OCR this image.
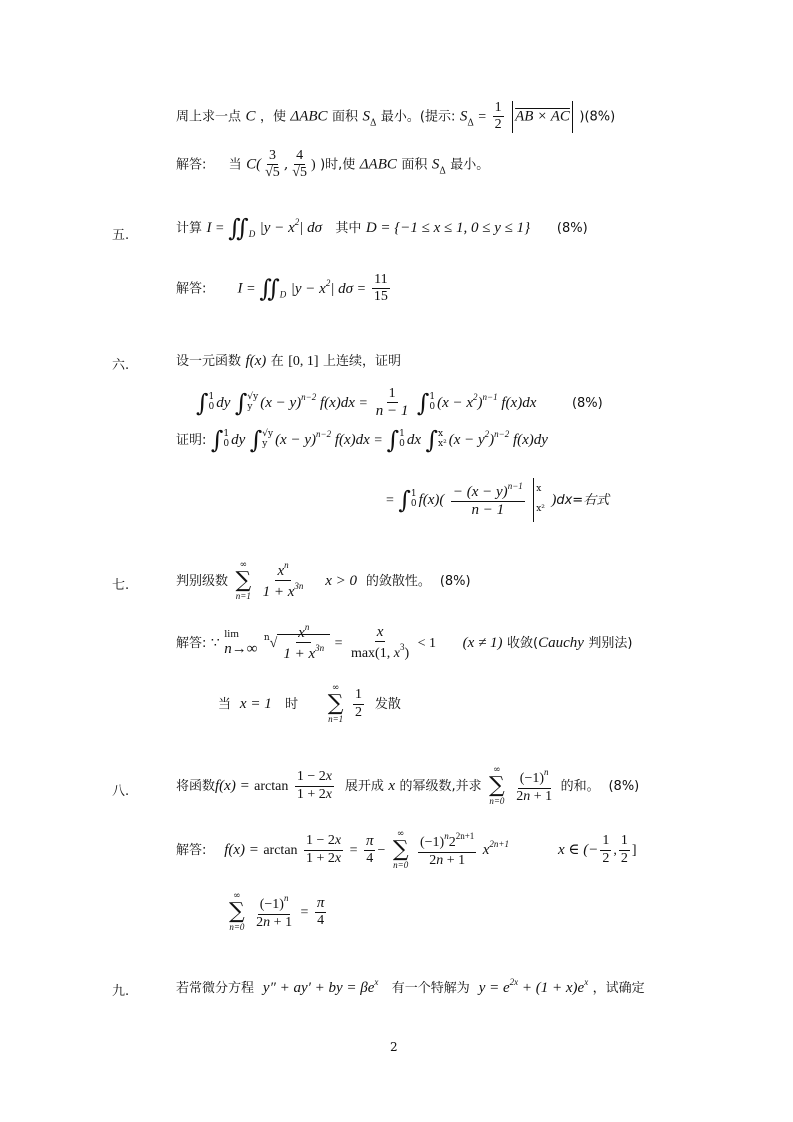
周上求一点 C ，使 ΔABC 面积 $S_\Delta$ 最小。(提示: $S_\Delta = \frac{1}{2}$ AB × AC )(8%)
解答: 当 $C( \frac{3}{√5}$ , $\frac{4}{√5}$ ) )时,使 ΔABC 面积 $S_\Delta$ 最小。
五.	计算 $I = ∬_D$ $|y - x^2|$ dσ 其中 D = {−1 ≤ x ≤ 1, 0 ≤ y ≤ 1} (8%)
解答: $I = ∬_D$ $|y - x^2|$ $d\sigma = \frac{11}{15}$
六.	设一元函数 f(x) 在 [0, 1] 上连续，证明
∫ 1
0 dy ∫ √y
y $(x - y)^{n-2}$ $f(x)dx = \frac{1}{n - 1}$ ∫ 1
0 $(x - x^2)^{n-1}$ f(x)dx	(8%)
证明: ∫ 1
0 dy ∫ √y
y $(x - y)^{n-2}$ f(x)dx = ∫ 1
0 dx ∫ x
x² $(x - y^2)^{n-2}$ f(x)dy
= ∫ 1
0 $f(x)( \frac{- (x - y)^{n-1}}{n - 1}$
x

x²
)dx=右式
七.	判别级数
∞
∑
n=1
$\frac{x^n}{1 + x^{3n}}$ x > 0 的敛散性。 (8%)
解答: ∵
lim
n→∞
$^n√ \frac{x^n}{1 + x^{3n}}$ =
x
max(1, $x^3$)
< 1 (x ≠ 1) 收敛(Cauchy 判别法)
当 x = 1 时
∞
∑
n=1
$\frac{1}{2}$ 发散
八.	将函数$f(x) = \arctan \frac{1 - 2x}{1 + 2x}$ 展开成 x 的幂级数,并求
∞
∑
n=0
$\frac{(-1)^n}{2n + 1}$ 的和。 (8%)
解答: $f(x) = \arctan \frac{1 - 2x}{1 + 2x} = \frac{\pi}{4}$ −
∞
∑
n=0
$\frac{(-1)^n2^{2n+1}}{2n + 1} x^{2n+1}$	x ∈ (− $\frac{1}{2}$ , $\frac{1}{2}$ ]
∞
∑
n=0
$\frac{(-1)^n}{2n + 1} = \frac{\pi}{4}$
九.	若常微分方程 y″ + ay′ + by = $\beta e^x$ 有一个特解为 $y = e^{2x} + (1 + x)e^x$ ，试确定
2
